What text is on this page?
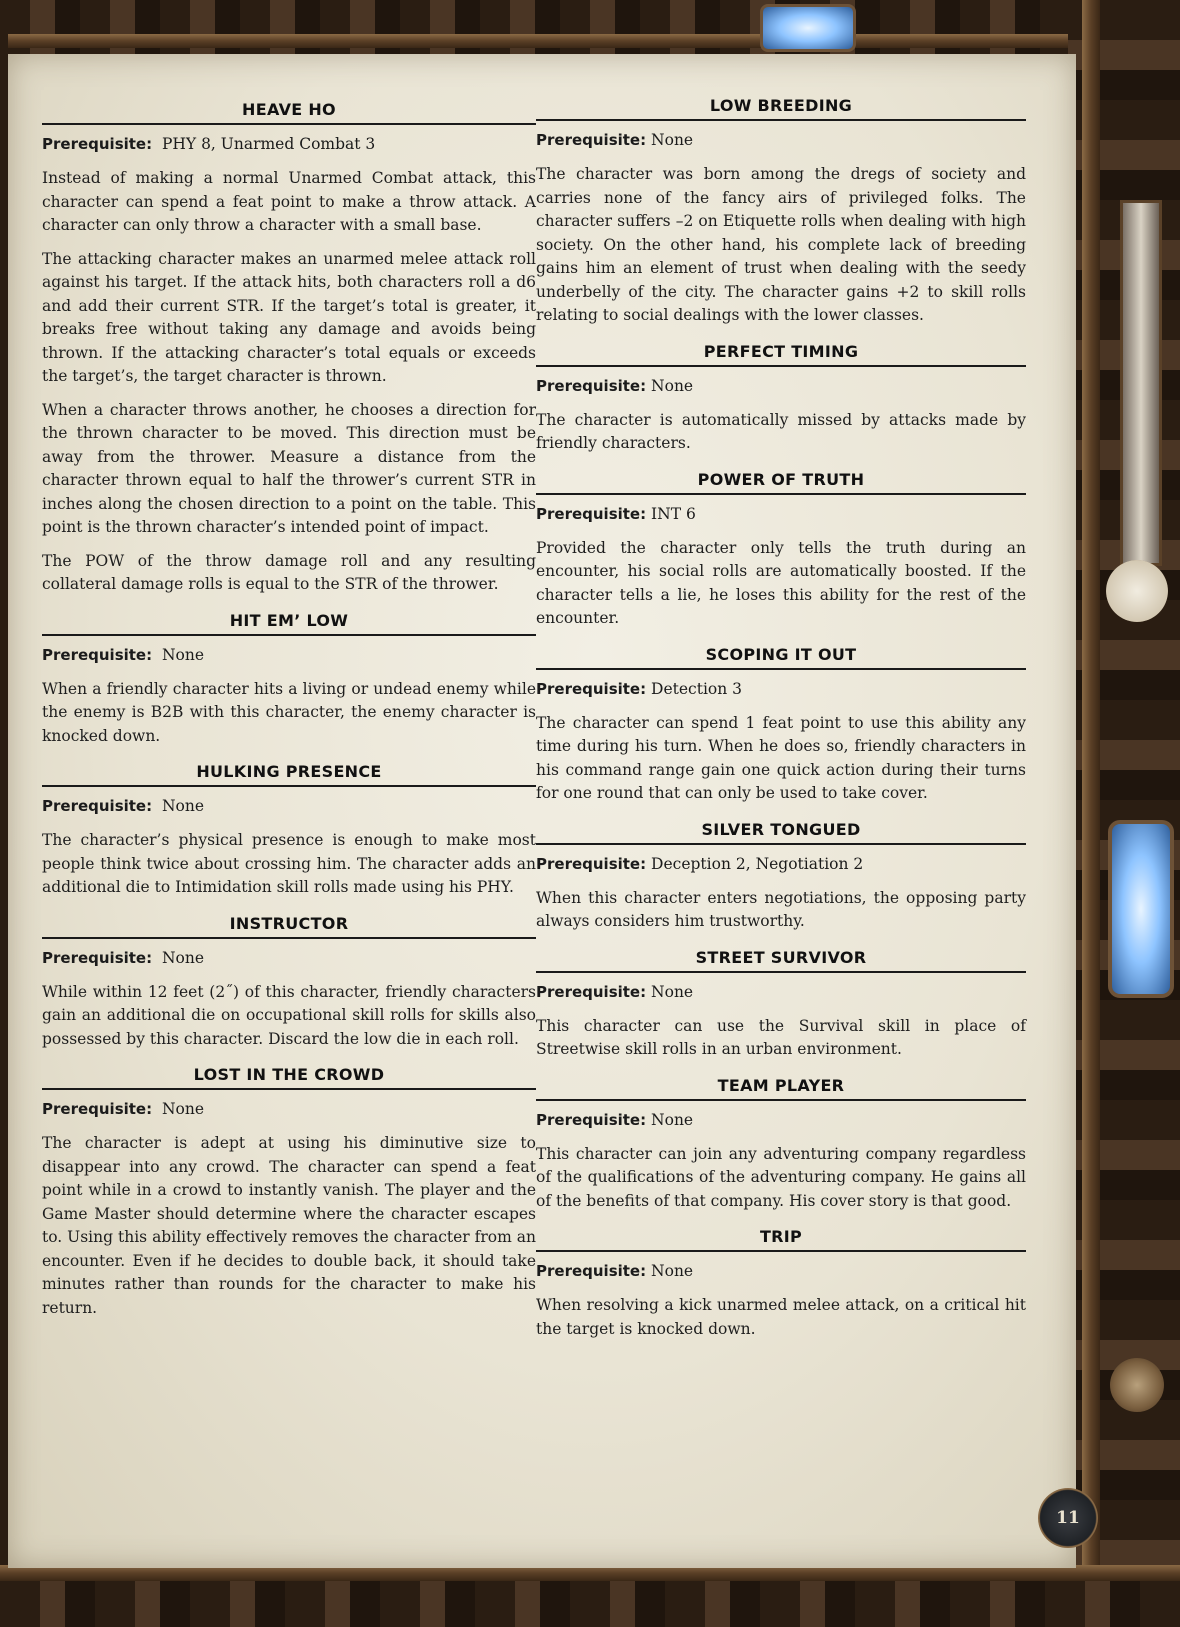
HEAVE HO

Prerequisite: PHY 8, Unarmed Combat 3

Instead of making a normal Unarmed Combat attack, this character can spend a feat point to make a throw attack. A character can only throw a character with a small base.

The attacking character makes an unarmed melee attack roll against his target. If the attack hits, both characters roll a d6 and add their current STR. If the target’s total is greater, it breaks free without taking any damage and avoids being thrown. If the attacking character’s total equals or exceeds the target’s, the target character is thrown.

When a character throws another, he chooses a direction for the thrown character to be moved. This direction must be away from the thrower. Measure a distance from the character thrown equal to half the thrower’s current STR in inches along the chosen direction to a point on the table. This point is the thrown character’s intended point of impact.

The POW of the throw damage roll and any resulting collateral damage rolls is equal to the STR of the thrower.

HIT EM’ LOW

Prerequisite: None

When a friendly character hits a living or undead enemy while the enemy is B2B with this character, the enemy character is knocked down.

HULKING PRESENCE

Prerequisite: None

The character’s physical presence is enough to make most people think twice about crossing him. The character adds an additional die to Intimidation skill rolls made using his PHY.

INSTRUCTOR

Prerequisite: None

While within 12 feet (2˝) of this character, friendly characters gain an additional die on occupational skill rolls for skills also possessed by this character. Discard the low die in each roll.

LOST IN THE CROWD

Prerequisite: None

The character is adept at using his diminutive size to disappear into any crowd. The character can spend a feat point while in a crowd to instantly vanish. The player and the Game Master should determine where the character escapes to. Using this ability effectively removes the character from an encounter. Even if he decides to double back, it should take minutes rather than rounds for the character to make his return.

LOW BREEDING

Prerequisite: None

The character was born among the dregs of society and carries none of the fancy airs of privileged folks. The character suffers –2 on Etiquette rolls when dealing with high society. On the other hand, his complete lack of breeding gains him an element of trust when dealing with the seedy underbelly of the city. The character gains +2 to skill rolls relating to social dealings with the lower classes.

PERFECT TIMING

Prerequisite: None

The character is automatically missed by attacks made by friendly characters.

POWER OF TRUTH

Prerequisite: INT 6

Provided the character only tells the truth during an encounter, his social rolls are automatically boosted. If the character tells a lie, he loses this ability for the rest of the encounter.

SCOPING IT OUT

Prerequisite: Detection 3

The character can spend 1 feat point to use this ability any time during his turn. When he does so, friendly characters in his command range gain one quick action during their turns for one round that can only be used to take cover.

SILVER TONGUED

Prerequisite: Deception 2, Negotiation 2

When this character enters negotiations, the opposing party always considers him trustworthy.

STREET SURVIVOR

Prerequisite: None

This character can use the Survival skill in place of Streetwise skill rolls in an urban environment.

TEAM PLAYER

Prerequisite: None

This character can join any adventuring company regardless of the qualifications of the adventuring company. He gains all of the benefits of that company. His cover story is that good.

TRIP

Prerequisite: None

When resolving a kick unarmed melee attack, on a critical hit the target is knocked down.

11
